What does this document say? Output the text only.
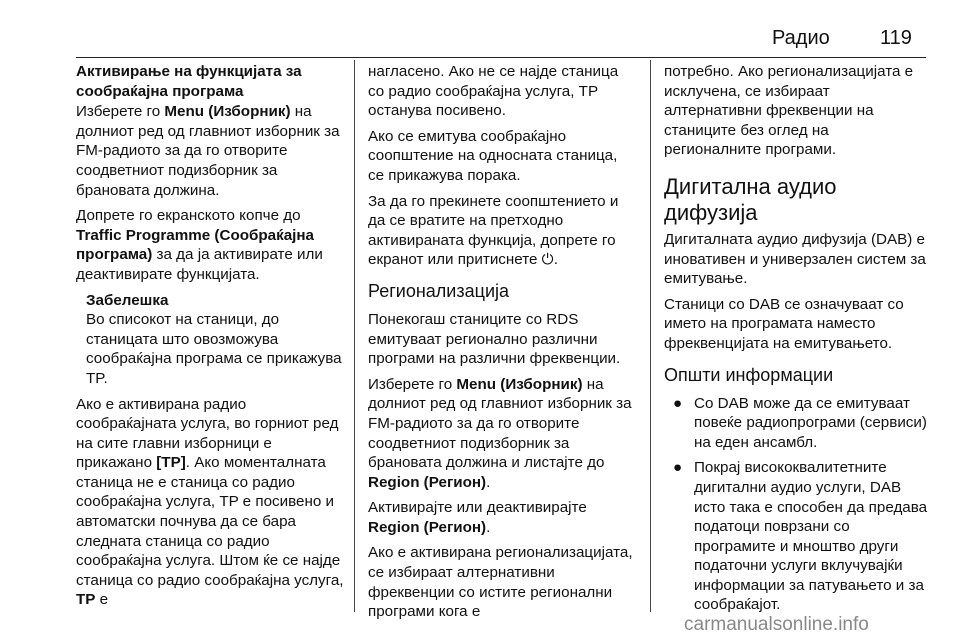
Радио	119

Активирање на функцијата за сообраќајна програма

Изберете го Menu (Изборник) на долниот ред од главниот изборник за FM-радиото за да го отворите соодветниот подизборник за брановата должина.

Допрете го екранското копче до Traffic Programme (Сообраќајна програма) за да ја активирате или деактивирате функцијата.

Забелешка
Во списокот на станици, до станицата што овозможува сообраќајна програма се прикажува TP.

Ако е активирана радио сообраќајната услуга, во горниот ред на сите главни изборници е прикажано [TP]. Ако моменталната станица не е станица со радио сообраќајна услуга, TP е посивено и автоматски почнува да се бара следната станица со радио сообраќајна услуга. Штом ќе се најде станица со радио сообраќајна услуга, TP е

нагласено. Ако не се најде станица со радио сообраќајна услуга, TP останува посивено.

Ако се емитува сообраќајно соопштение на односната станица, се прикажува порака.

За да го прекинете соопштението и да се вратите на претходно активираната функција, допрете го екранот или притиснете ⏻.

Регионализација

Понекогаш станиците со RDS емитуваат регионално различни програми на различни фреквенции.

Изберете го Menu (Изборник) на долниот ред од главниот изборник за FM-радиото за да го отворите соодветниот подизборник за брановата должина и листајте до Region (Регион).

Активирајте или деактивирајте Region (Регион).

Ако е активирана регионализацијата, се избираат алтернативни фреквенции со иститe регионални програми кога е

потребно. Ако регионализацијата е исклучена, се избираат алтернативни фреквенции на станиците без оглед на регионалните програми.

Дигитална аудио дифузија

Дигиталната аудио дифузија (DAB) е иновативен и универзален систем за емитување.

Станици со DAB се означуваат со името на програмата наместо фреквенцијата на емитувањето.

Општи информации
● Со DAB може да се емитуваат повеќе радиопрограми (сервиси) на еден ансамбл.
● Покрај висококвалитетните дигитални аудио услуги, DAB исто така е способен да предава податоци поврзани со програмите и мноштво други податочни услуги вклучувајќи информации за патувањето и за сообраќајот.
carmanualsonline.info
